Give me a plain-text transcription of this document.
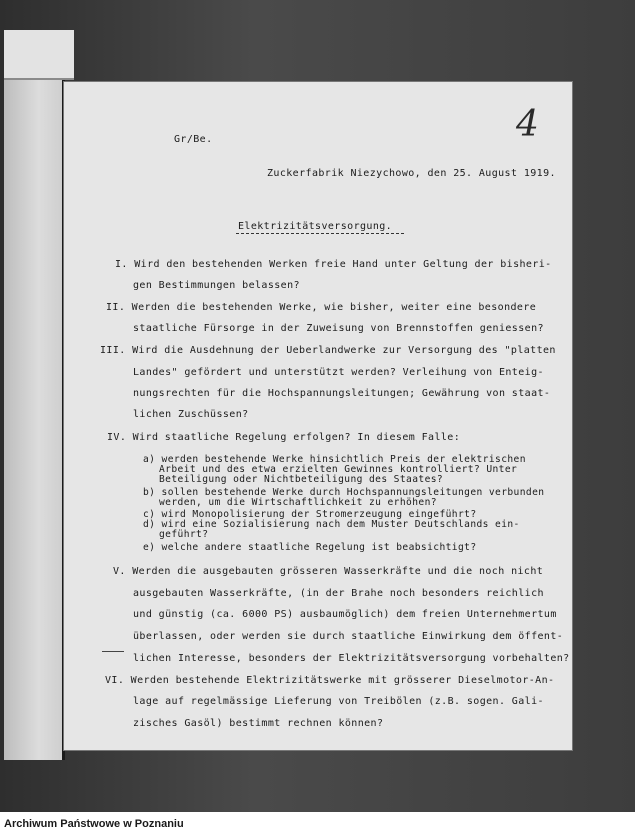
Gr/Be.	4
Zuckerfabrik Niezychowo, den 25. August 1919.
Elektrizitätsversorgung.
I. Wird den bestehenden Werken freie Hand unter Geltung der bisheri-
gen Bestimmungen belassen?
II. Werden die bestehenden Werke, wie bisher, weiter eine besondere
staatliche Fürsorge in der Zuweisung von Brennstoffen geniessen?
III. Wird die Ausdehnung der Ueberlandwerke zur Versorgung des "platten
Landes" gefördert und unterstützt werden? Verleihung von Enteig-
nungsrechten für die Hochspannungsleitungen; Gewährung von staat-
lichen Zuschüssen?
IV. Wird staatliche Regelung erfolgen? In diesem Falle:
a) werden bestehende Werke hinsichtlich Preis der elektrischen
Arbeit und des etwa erzielten Gewinnes kontrolliert? Unter
Beteiligung oder Nichtbeteiligung des Staates?
b) sollen bestehende Werke durch Hochspannungsleitungen verbunden
werden, um die Wirtschaftlichkeit zu erhöhen?
c) wird Monopolisierung der Stromerzeugung eingeführt?
d) wird eine Sozialisierung nach dem Muster Deutschlands ein-
geführt?
e) welche andere staatliche Regelung ist beabsichtigt?
V. Werden die ausgebauten grösseren Wasserkräfte und die noch nicht
ausgebauten Wasserkräfte, (in der Brahe noch besonders reichlich
und günstig (ca. 6000 PS) ausbaumöglich) dem freien Unternehmertum
überlassen, oder werden sie durch staatliche Einwirkung dem öffent-
lichen Interesse, besonders der Elektrizitätsversorgung vorbehalten?
VI. Werden bestehende Elektrizitätswerke mit grösserer Dieselmotor-An-
lage auf regelmässige Lieferung von Treibölen (z.B. sogen. Gali-
zisches Gasöl) bestimmt rechnen können?
Archiwum Państwowe w Poznaniu
